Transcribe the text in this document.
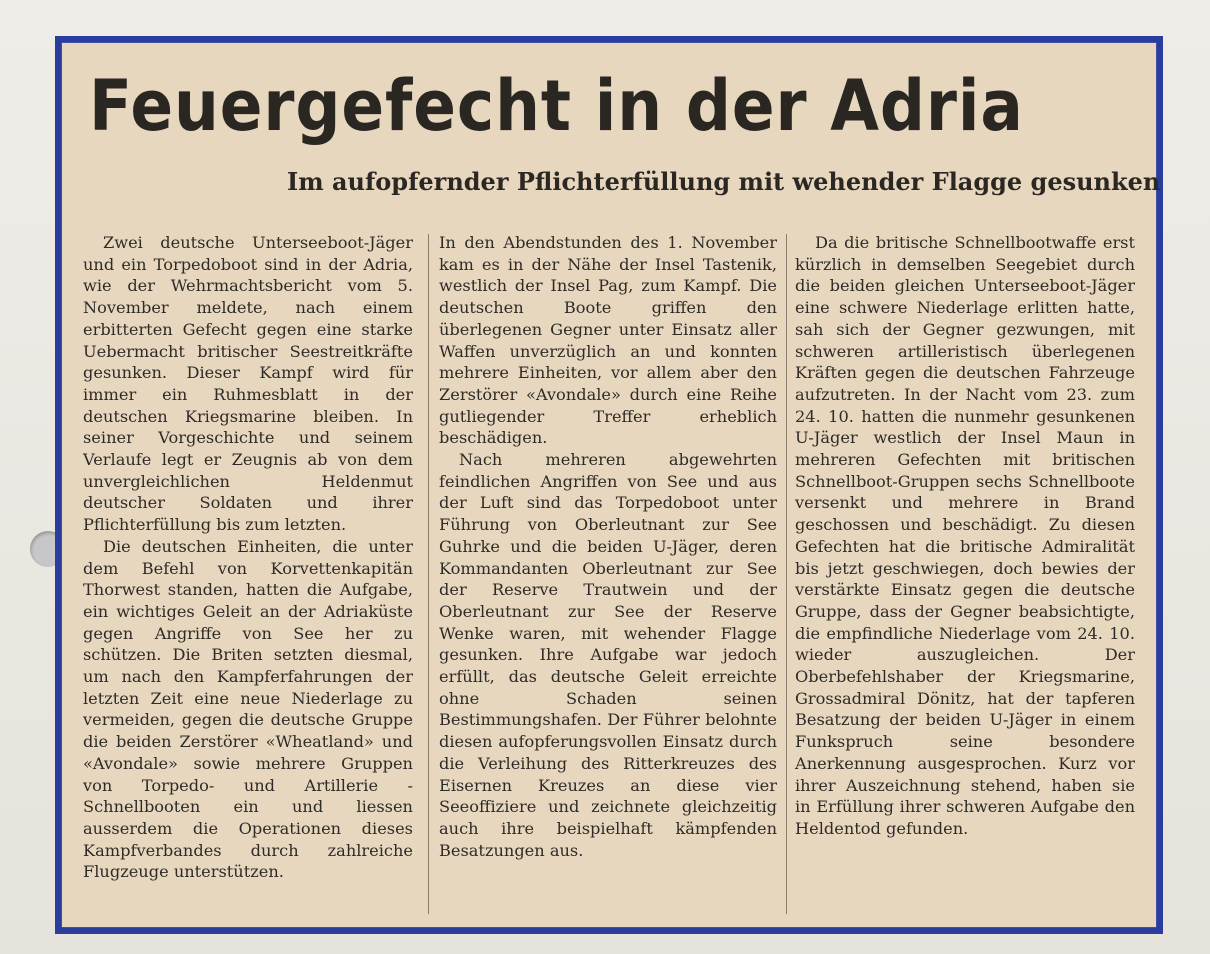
Feuergefecht in der Adria
Im aufopfernder Pflichterfüllung mit wehender Flagge gesunken

Zwei deutsche Unterseeboot-Jäger und ein Torpedoboot sind in der Adria, wie der Wehrmachtsbericht vom 5. November meldete, nach einem erbitterten Gefecht gegen eine starke Uebermacht britischer Seestreitkräfte gesunken. Dieser Kampf wird für immer ein Ruhmesblatt in der deutschen Kriegsmarine bleiben. In seiner Vorgeschichte und seinem Verlaufe legt er Zeugnis ab von dem unvergleichlichen Heldenmut deutscher Soldaten und ihrer Pflichterfüllung bis zum letzten.

Die deutschen Einheiten, die unter dem Befehl von Korvettenkapitän Thorwest standen, hatten die Aufgabe, ein wichtiges Geleit an der Adriaküste gegen Angriffe von See her zu schützen. Die Briten setzten diesmal, um nach den Kampferfahrungen der letzten Zeit eine neue Niederlage zu vermeiden, gegen die deutsche Gruppe die beiden Zerstörer «Wheatland» und «Avondale» sowie mehrere Gruppen von Torpedo- und Artillerie - Schnellbooten ein und liessen ausserdem die Operationen dieses Kampfverbandes durch zahlreiche Flugzeuge unterstützen.

In den Abendstunden des 1. November kam es in der Nähe der Insel Tastenik, westlich der Insel Pag, zum Kampf. Die deutschen Boote griffen den überlegenen Gegner unter Einsatz aller Waffen unverzüglich an und konnten mehrere Einheiten, vor allem aber den Zerstörer «Avondale» durch eine Reihe gutliegender Treffer erheblich beschädigen.

Nach mehreren abgewehrten feindlichen Angriffen von See und aus der Luft sind das Torpedoboot unter Führung von Oberleutnant zur See Guhrke und die beiden U-Jäger, deren Kommandanten Oberleutnant zur See der Reserve Trautwein und der Oberleutnant zur See der Reserve Wenke waren, mit wehender Flagge gesunken. Ihre Aufgabe war jedoch erfüllt, das deutsche Geleit erreichte ohne Schaden seinen Bestimmungshafen. Der Führer belohnte diesen aufopferungsvollen Einsatz durch die Verleihung des Ritterkreuzes des Eisernen Kreuzes an diese vier Seeoffiziere und zeichnete gleichzeitig auch ihre beispielhaft kämpfenden Besatzungen aus.

Da die britische Schnellbootwaffe erst kürzlich in demselben Seegebiet durch die beiden gleichen Unterseeboot-Jäger eine schwere Niederlage erlitten hatte, sah sich der Gegner gezwungen, mit schweren artilleristisch überlegenen Kräften gegen die deutschen Fahrzeuge aufzutreten. In der Nacht vom 23. zum 24. 10. hatten die nunmehr gesunkenen U-Jäger westlich der Insel Maun in mehreren Gefechten mit britischen Schnellboot-Gruppen sechs Schnellboote versenkt und mehrere in Brand geschossen und beschädigt. Zu diesen Gefechten hat die britische Admiralität bis jetzt geschwiegen, doch bewies der verstärkte Einsatz gegen die deutsche Gruppe, dass der Gegner beabsichtigte, die empfindliche Niederlage vom 24. 10. wieder auszugleichen. Der Oberbefehlshaber der Kriegsmarine, Grossadmiral Dönitz, hat der tapferen Besatzung der beiden U-Jäger in einem Funkspruch seine besondere Anerkennung ausgesprochen. Kurz vor ihrer Auszeichnung stehend, haben sie in Erfüllung ihrer schweren Aufgabe den Heldentod gefunden.
